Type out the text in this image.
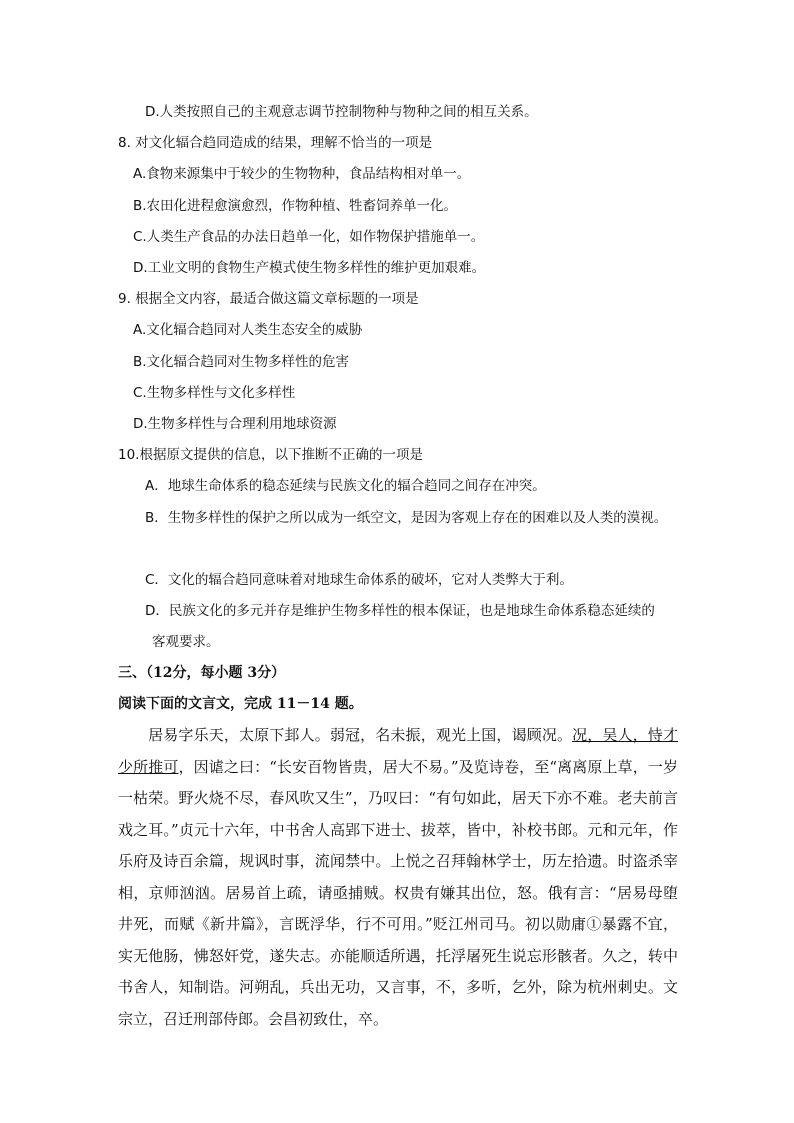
D.人类按照自己的主观意志调节控制物种与物种之间的相互关系。
8. 对文化辐合趋同造成的结果，理解不恰当的一项是
A.食物来源集中于较少的生物物种，食品结构相对单一。
B.农田化进程愈演愈烈，作物种植、牲畜饲养单一化。
C.人类生产食品的办法日趋单一化，如作物保护措施单一。
D.工业文明的食物生产模式使生物多样性的维护更加艰难。
9. 根据全文内容，最适合做这篇文章标题的一项是
A.文化辐合趋同对人类生态安全的威胁
B.文化辐合趋同对生物多样性的危害
C.生物多样性与文化多样性
D.生物多样性与合理利用地球资源
10.根据原文提供的信息，以下推断不正确的一项是
A．地球生命体系的稳态延续与民族文化的辐合趋同之间存在冲突。
B．生物多样性的保护之所以成为一纸空文，是因为客观上存在的困难以及人类的漠视。
C．文化的辐合趋同意味着对地球生命体系的破坏，它对人类弊大于利。
D．民族文化的多元并存是维护生物多样性的根本保证，也是地球生命体系稳态延续的
客观要求。
三、（12分，每小题 3分）
阅读下面的文言文，完成 11－14 题。
居易字乐天，太原下邽人。弱冠，名未振，观光上国，谒顾况。况，吴人，恃才少所推可，因谑之曰：“长安百物皆贵，居大不易。”及览诗卷，至“离离原上草，一岁一枯荣。野火烧不尽，春风吹又生”，乃叹曰：“有句如此，居天下亦不难。老夫前言戏之耳。”贞元十六年，中书舍人高郢下进士、拔萃，皆中，补校书郎。元和元年，作乐府及诗百余篇，规讽时事，流闻禁中。上悦之召拜翰林学士，历左拾遗。时盗杀宰相，京师汹汹。居易首上疏，请亟捕贼。权贵有嫌其出位，怒。俄有言：“居易母堕井死，而赋《新井篇》，言既浮华，行不可用。”贬江州司马。初以勋庸①暴露不宜，实无他肠，怫怒奸党，遂失志。亦能顺适所遇，托浮屠死生说忘形骸者。久之，转中书舍人，知制诰。河朔乱，兵出无功，又言事，不，多听，乞外，除为杭州刺史。文宗立，召迁刑部侍郎。会昌初致仕，卒。
